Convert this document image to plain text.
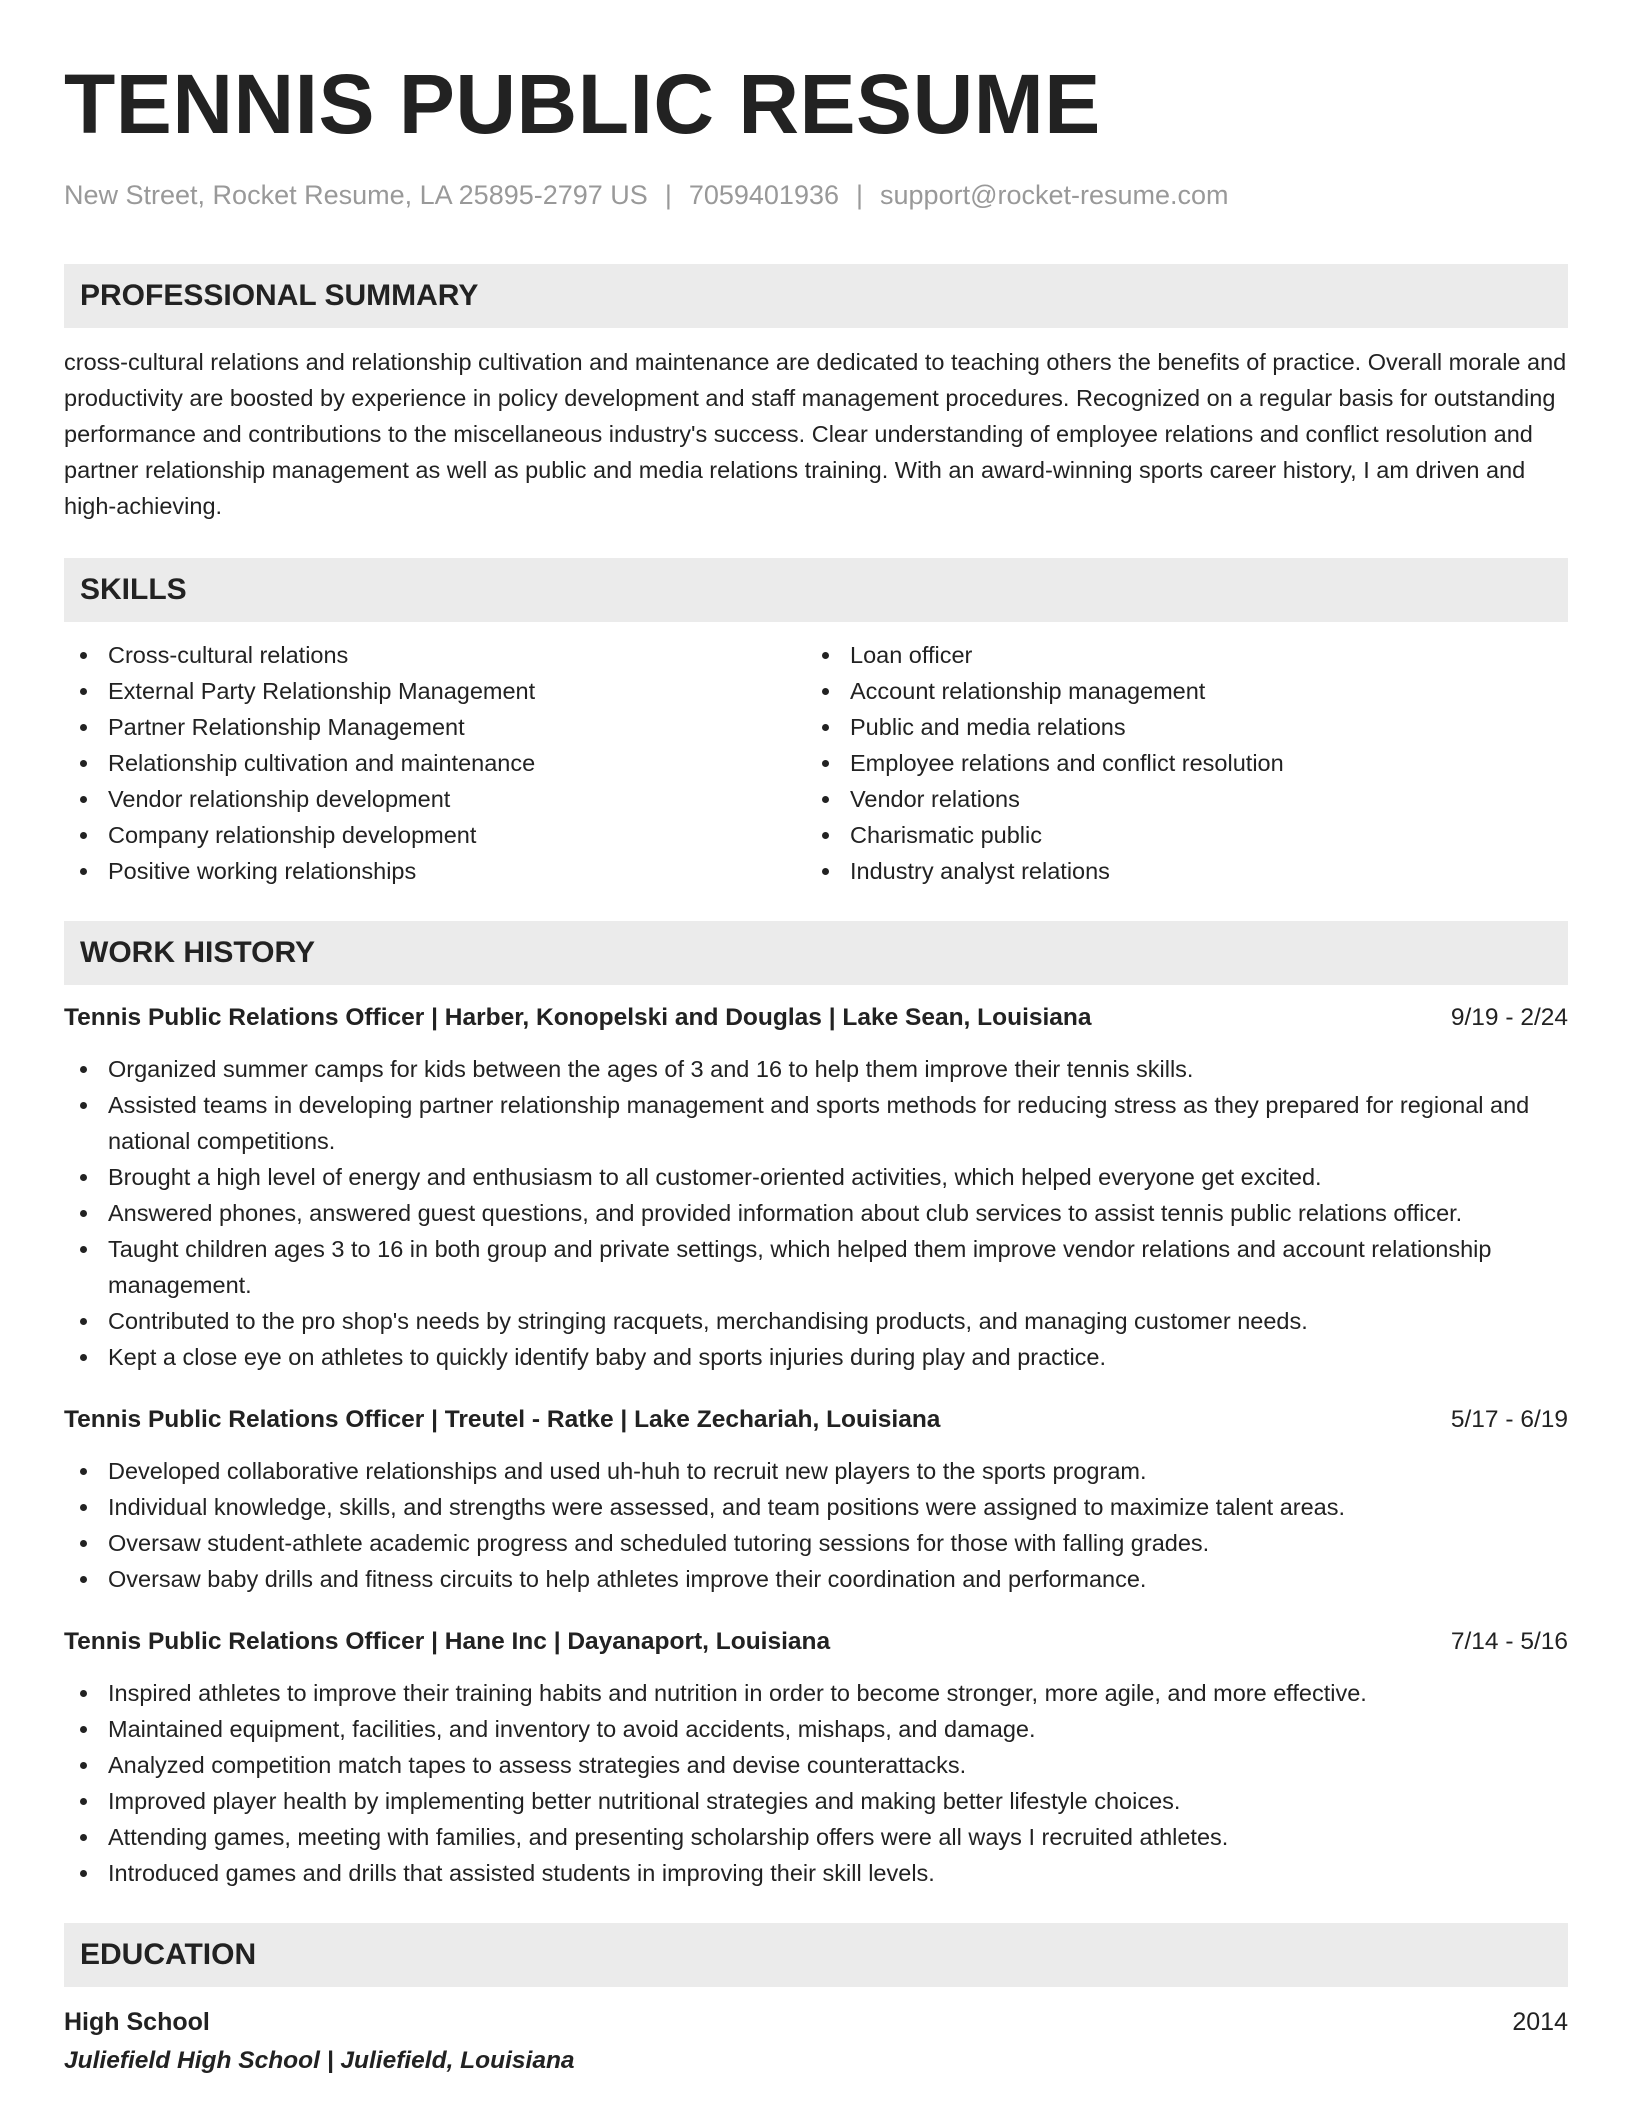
TENNIS PUBLIC RESUME
New Street, Rocket Resume, LA 25895-2797 US | 7059401936 | support@rocket-resume.com
PROFESSIONAL SUMMARY

cross-cultural relations and relationship cultivation and maintenance are dedicated to teaching others the benefits of practice. Overall morale and productivity are boosted by experience in policy development and staff management procedures. Recognized on a regular basis for outstanding performance and contributions to the miscellaneous industry's success. Clear understanding of employee relations and conflict resolution and partner relationship management as well as public and media relations training. With an award-winning sports career history, I am driven and high-achieving.

SKILLS
Cross-cultural relations
External Party Relationship Management
Partner Relationship Management
Relationship cultivation and maintenance
Vendor relationship development
Company relationship development
Positive working relationships
Loan officer
Account relationship management
Public and media relations
Employee relations and conflict resolution
Vendor relations
Charismatic public
Industry analyst relations
WORK HISTORY
Tennis Public Relations Officer | Harber, Konopelski and Douglas | Lake Sean, Louisiana	9/19 - 2/24
Organized summer camps for kids between the ages of 3 and 16 to help them improve their tennis skills.
Assisted teams in developing partner relationship management and sports methods for reducing stress as they prepared for regional and national competitions.
Brought a high level of energy and enthusiasm to all customer-oriented activities, which helped everyone get excited.
Answered phones, answered guest questions, and provided information about club services to assist tennis public relations officer.
Taught children ages 3 to 16 in both group and private settings, which helped them improve vendor relations and account relationship management.
Contributed to the pro shop's needs by stringing racquets, merchandising products, and managing customer needs.
Kept a close eye on athletes to quickly identify baby and sports injuries during play and practice.
Tennis Public Relations Officer | Treutel - Ratke | Lake Zechariah, Louisiana	5/17 - 6/19
Developed collaborative relationships and used uh-huh to recruit new players to the sports program.
Individual knowledge, skills, and strengths were assessed, and team positions were assigned to maximize talent areas.
Oversaw student-athlete academic progress and scheduled tutoring sessions for those with falling grades.
Oversaw baby drills and fitness circuits to help athletes improve their coordination and performance.
Tennis Public Relations Officer | Hane Inc | Dayanaport, Louisiana	7/14 - 5/16
Inspired athletes to improve their training habits and nutrition in order to become stronger, more agile, and more effective.
Maintained equipment, facilities, and inventory to avoid accidents, mishaps, and damage.
Analyzed competition match tapes to assess strategies and devise counterattacks.
Improved player health by implementing better nutritional strategies and making better lifestyle choices.
Attending games, meeting with families, and presenting scholarship offers were all ways I recruited athletes.
Introduced games and drills that assisted students in improving their skill levels.
EDUCATION
High School	2014
Juliefield High School | Juliefield, Louisiana
